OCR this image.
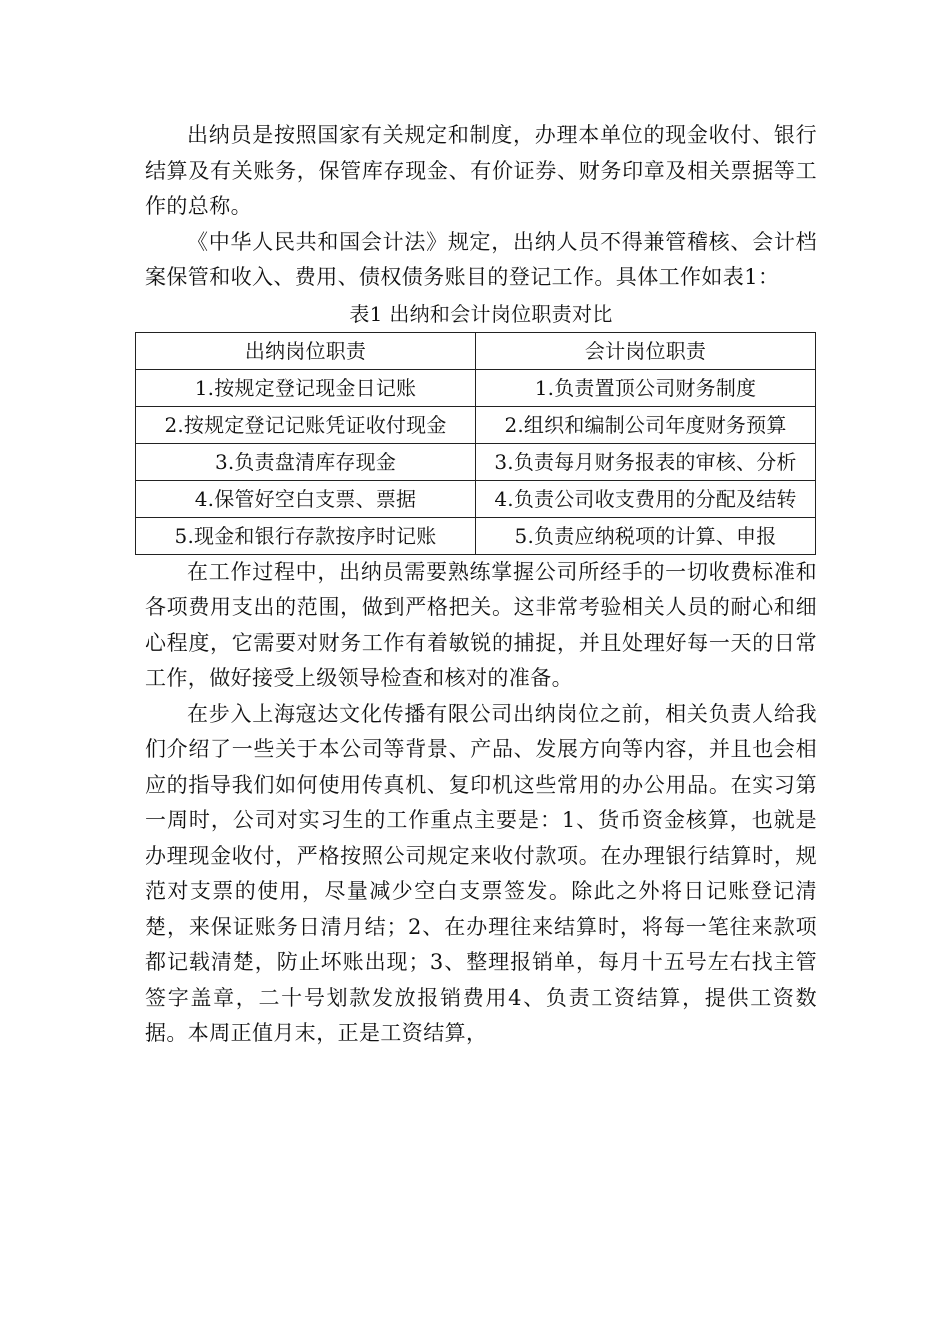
出纳员是按照国家有关规定和制度，办理本单位的现金收付、银行结算及有关账务，保管库存现金、有价证券、财务印章及相关票据等工作的总称。

《中华人民共和国会计法》规定，出纳人员不得兼管稽核、会计档案保管和收入、费用、债权债务账目的登记工作。具体工作如表1：

表1 出纳和会计岗位职责对比

出纳岗位职责	会计岗位职责
1.按规定登记现金日记账	1.负责置顶公司财务制度
2.按规定登记记账凭证收付现金	2.组织和编制公司年度财务预算
3.负责盘清库存现金	3.负责每月财务报表的审核、分析
4.保管好空白支票、票据	4.负责公司收支费用的分配及结转
5.现金和银行存款按序时记账	5.负责应纳税项的计算、申报

在工作过程中，出纳员需要熟练掌握公司所经手的一切收费标准和各项费用支出的范围，做到严格把关。这非常考验相关人员的耐心和细心程度，它需要对财务工作有着敏锐的捕捉，并且处理好每一天的日常工作，做好接受上级领导检查和核对的准备。

在步入上海寇达文化传播有限公司出纳岗位之前，相关负责人给我们介绍了一些关于本公司等背景、产品、发展方向等内容，并且也会相应的指导我们如何使用传真机、复印机这些常用的办公用品。在实习第一周时，公司对实习生的工作重点主要是：1、货币资金核算，也就是办理现金收付，严格按照公司规定来收付款项。在办理银行结算时，规范对支票的使用，尽量减少空白支票签发。除此之外将日记账登记清楚，来保证账务日清月结；2、在办理往来结算时，将每一笔往来款项都记载清楚，防止坏账出现；3、整理报销单，每月十五号左右找主管签字盖章，二十号划款发放报销费用4、负责工资结算，提供工资数据。本周正值月末，正是工资结算，
